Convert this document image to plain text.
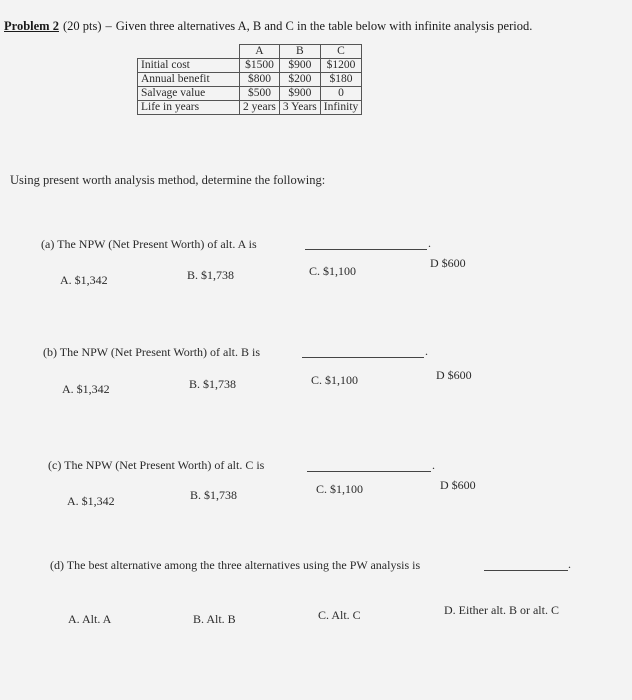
Problem 2 (20 pts) – Given three alternatives A, B and C in the table below with infinite analysis period.
	A	B	C
Initial cost	$1500	$900	$1200
Annual benefit	$800	$200	$180
Salvage value	$500	$900	0
Life in years	2 years	3 Years	Infinity
Using present worth analysis method, determine the following:
(a) The NPW (Net Present Worth) of alt. A is	.
A. $1,342	B. $1,738	C. $1,100
D $600
(b) The NPW (Net Present Worth) of alt. B is	.
A. $1,342	B. $1,738	C. $1,100	D $600
(c) The NPW (Net Present Worth) of alt. C is	.
A. $1,342	B. $1,738	C. $1,100	D $600
(d) The best alternative among the three alternatives using the PW analysis is	.
A. Alt. A	B. Alt. B	C. Alt. C	D. Either alt. B or alt. C
